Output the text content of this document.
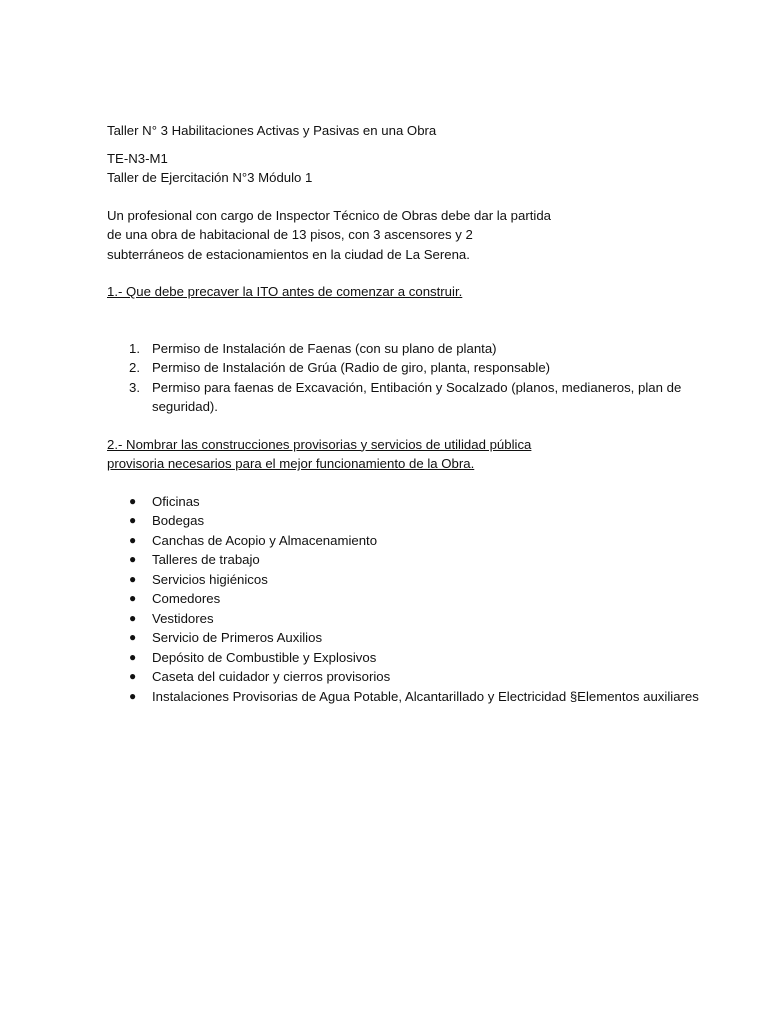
Taller N° 3 Habilitaciones Activas y Pasivas en una Obra

TE-N3-M1

Taller de Ejercitación N°3 Módulo 1

Un profesional con cargo de Inspector Técnico de Obras debe dar la partida

de una obra de habitacional de 13 pisos, con 3 ascensores y 2

subterráneos de estacionamientos en la ciudad de La Serena.

1.- Que debe precaver la ITO antes de comenzar a construir.

1. Permiso de Instalación de Faenas (con su plano de planta)
2. Permiso de Instalación de Grúa (Radio de giro, planta, responsable)
3. Permiso para faenas de Excavación, Entibación y Socalzado (planos, medianeros, plan de seguridad).

2.- Nombrar las construcciones provisorias y servicios de utilidad pública

provisoria necesarios para el mejor funcionamiento de la Obra.

● Oficinas
● Bodegas
● Canchas de Acopio y Almacenamiento
● Talleres de trabajo
● Servicios higiénicos
● Comedores
● Vestidores
● Servicio de Primeros Auxilios
● Depósito de Combustible y Explosivos
● Caseta del cuidador y cierros provisorios
● Instalaciones Provisorias de Agua Potable, Alcantarillado y Electricidad §Elementos auxiliares
